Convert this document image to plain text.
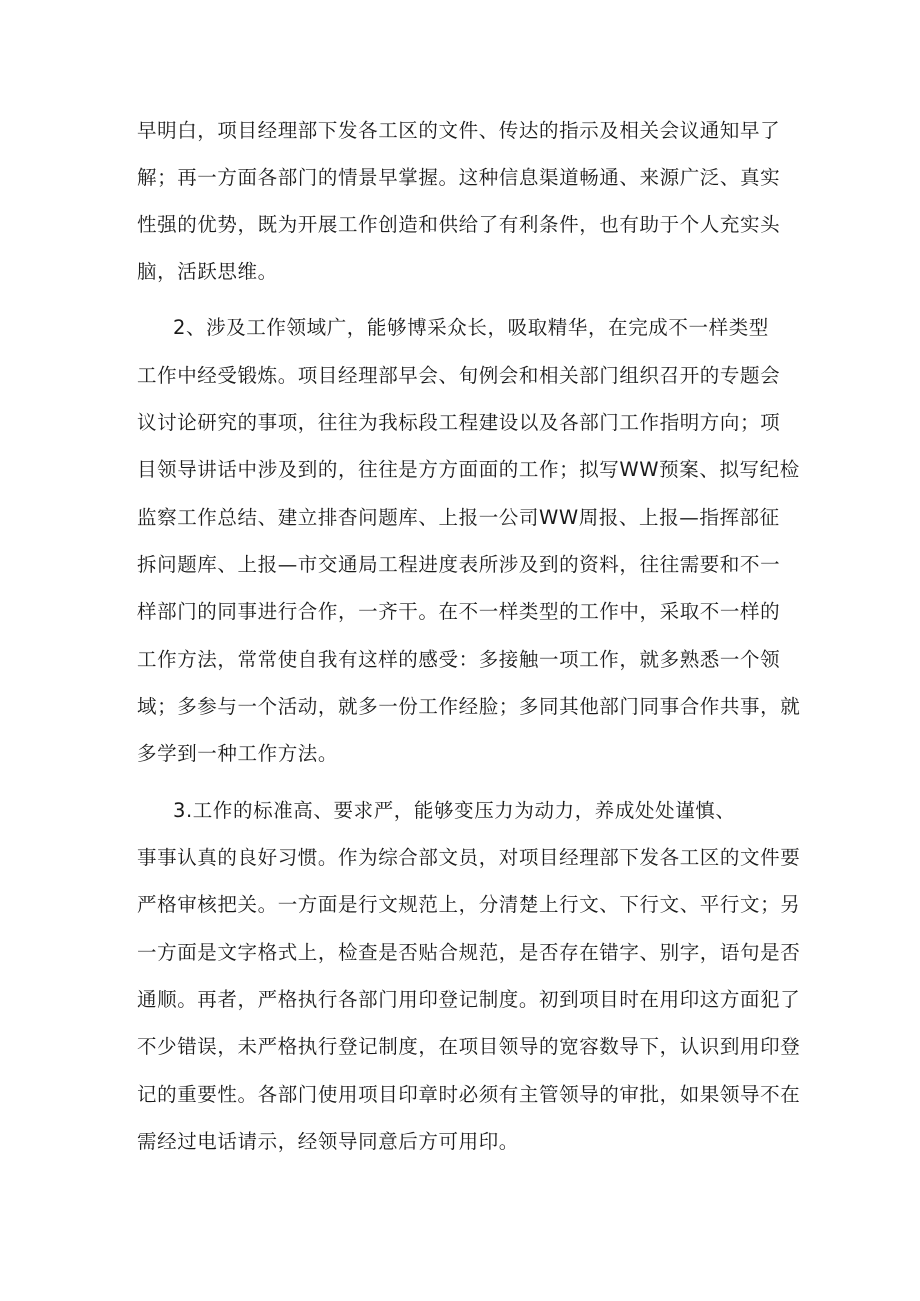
早明白，项目经理部下发各工区的文件、传达的指示及相关会议通知早了
解；再一方面各部门的情景早掌握。这种信息渠道畅通、来源广泛、真实
性强的优势，既为开展工作创造和供给了有利条件，也有助于个人充实头
脑，活跃思维。
2、涉及工作领域广，能够博采众长，吸取精华，在完成不一样类型
工作中经受锻炼。项目经理部早会、旬例会和相关部门组织召开的专题会
议讨论研究的事项，往往为我标段工程建设以及各部门工作指明方向；项
目领导讲话中涉及到的，往往是方方面面的工作；拟写WW预案、拟写纪检
监察工作总结、建立排杳问题库、上报一公司WW周报、上报—指挥部征
拆问题库、上报—市交通局工程进度表所涉及到的资料，往往需要和不一
样部门的同事进行合作，一齐干。在不一样类型的工作中，采取不一样的
工作方法，常常使自我有这样的感受：多接触一项工作，就多熟悉一个领
域；多参与一个活动，就多一份工作经脸；多同其他部门同事合作共事，就
多学到一种工作方法。
3.工作的标准高、要求严，能够变压力为动力，养成处处谨慎、
事事认真的良好习惯。作为综合部文员，对项目经理部下发各工区的文件要
严格审核把关。一方面是行文规范上，分清楚上行文、下行文、平行文；另
一方面是文字格式上，检查是否贴合规范，是否存在错字、别字，语句是否
通顺。再者，严格执行各部门用印登记制度。初到项目时在用印这方面犯了
不少错误，未严格执行登记制度，在项目领导的宽容数导下，认识到用印登
记的重要性。各部门使用项目印章时必须有主管领导的审批，如果领导不在
需经过电话请示，经领导同意后方可用印。
